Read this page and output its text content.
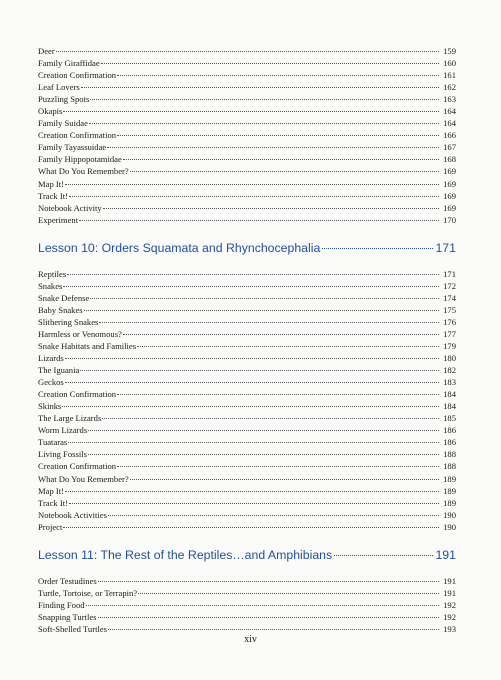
Deer	159
Family Giraffidae	160
Creation Confirmation	161
Leaf Lovers	162
Puzzling Spots	163
Okapis	164
Family Suidae	164
Creation Confirmation	166
Family Tayassuidae	167
Family Hippopotamidae	168
What Do You Remember?	169
Map It!	169
Track It!	169
Notebook Activity	169
Experiment	170
Lesson 10: Orders Squamata and Rhynchocephalia	171
Reptiles	171
Snakes	172
Snake Defense	174
Baby Snakes	175
Slithering Snakes	176
Harmless or Venomous?	177
Snake Habitats and Families	179
Lizards	180
The Iguania	182
Geckos	183
Creation Confirmation	184
Skinks	184
The Large Lizards	185
Worm Lizards	186
Tuataras	186
Living Fossils	188
Creation Confirmation	188
What Do You Remember?	189
Map It!	189
Track It!	189
Notebook Activities	190
Project	190
Lesson 11: The Rest of the Reptiles…and Amphibians	191
Order Testudines	191
Turtle, Tortoise, or Terrapin?	191
Finding Food	192
Snapping Turtles	192
Soft-Shelled Turtles	193
xiv
